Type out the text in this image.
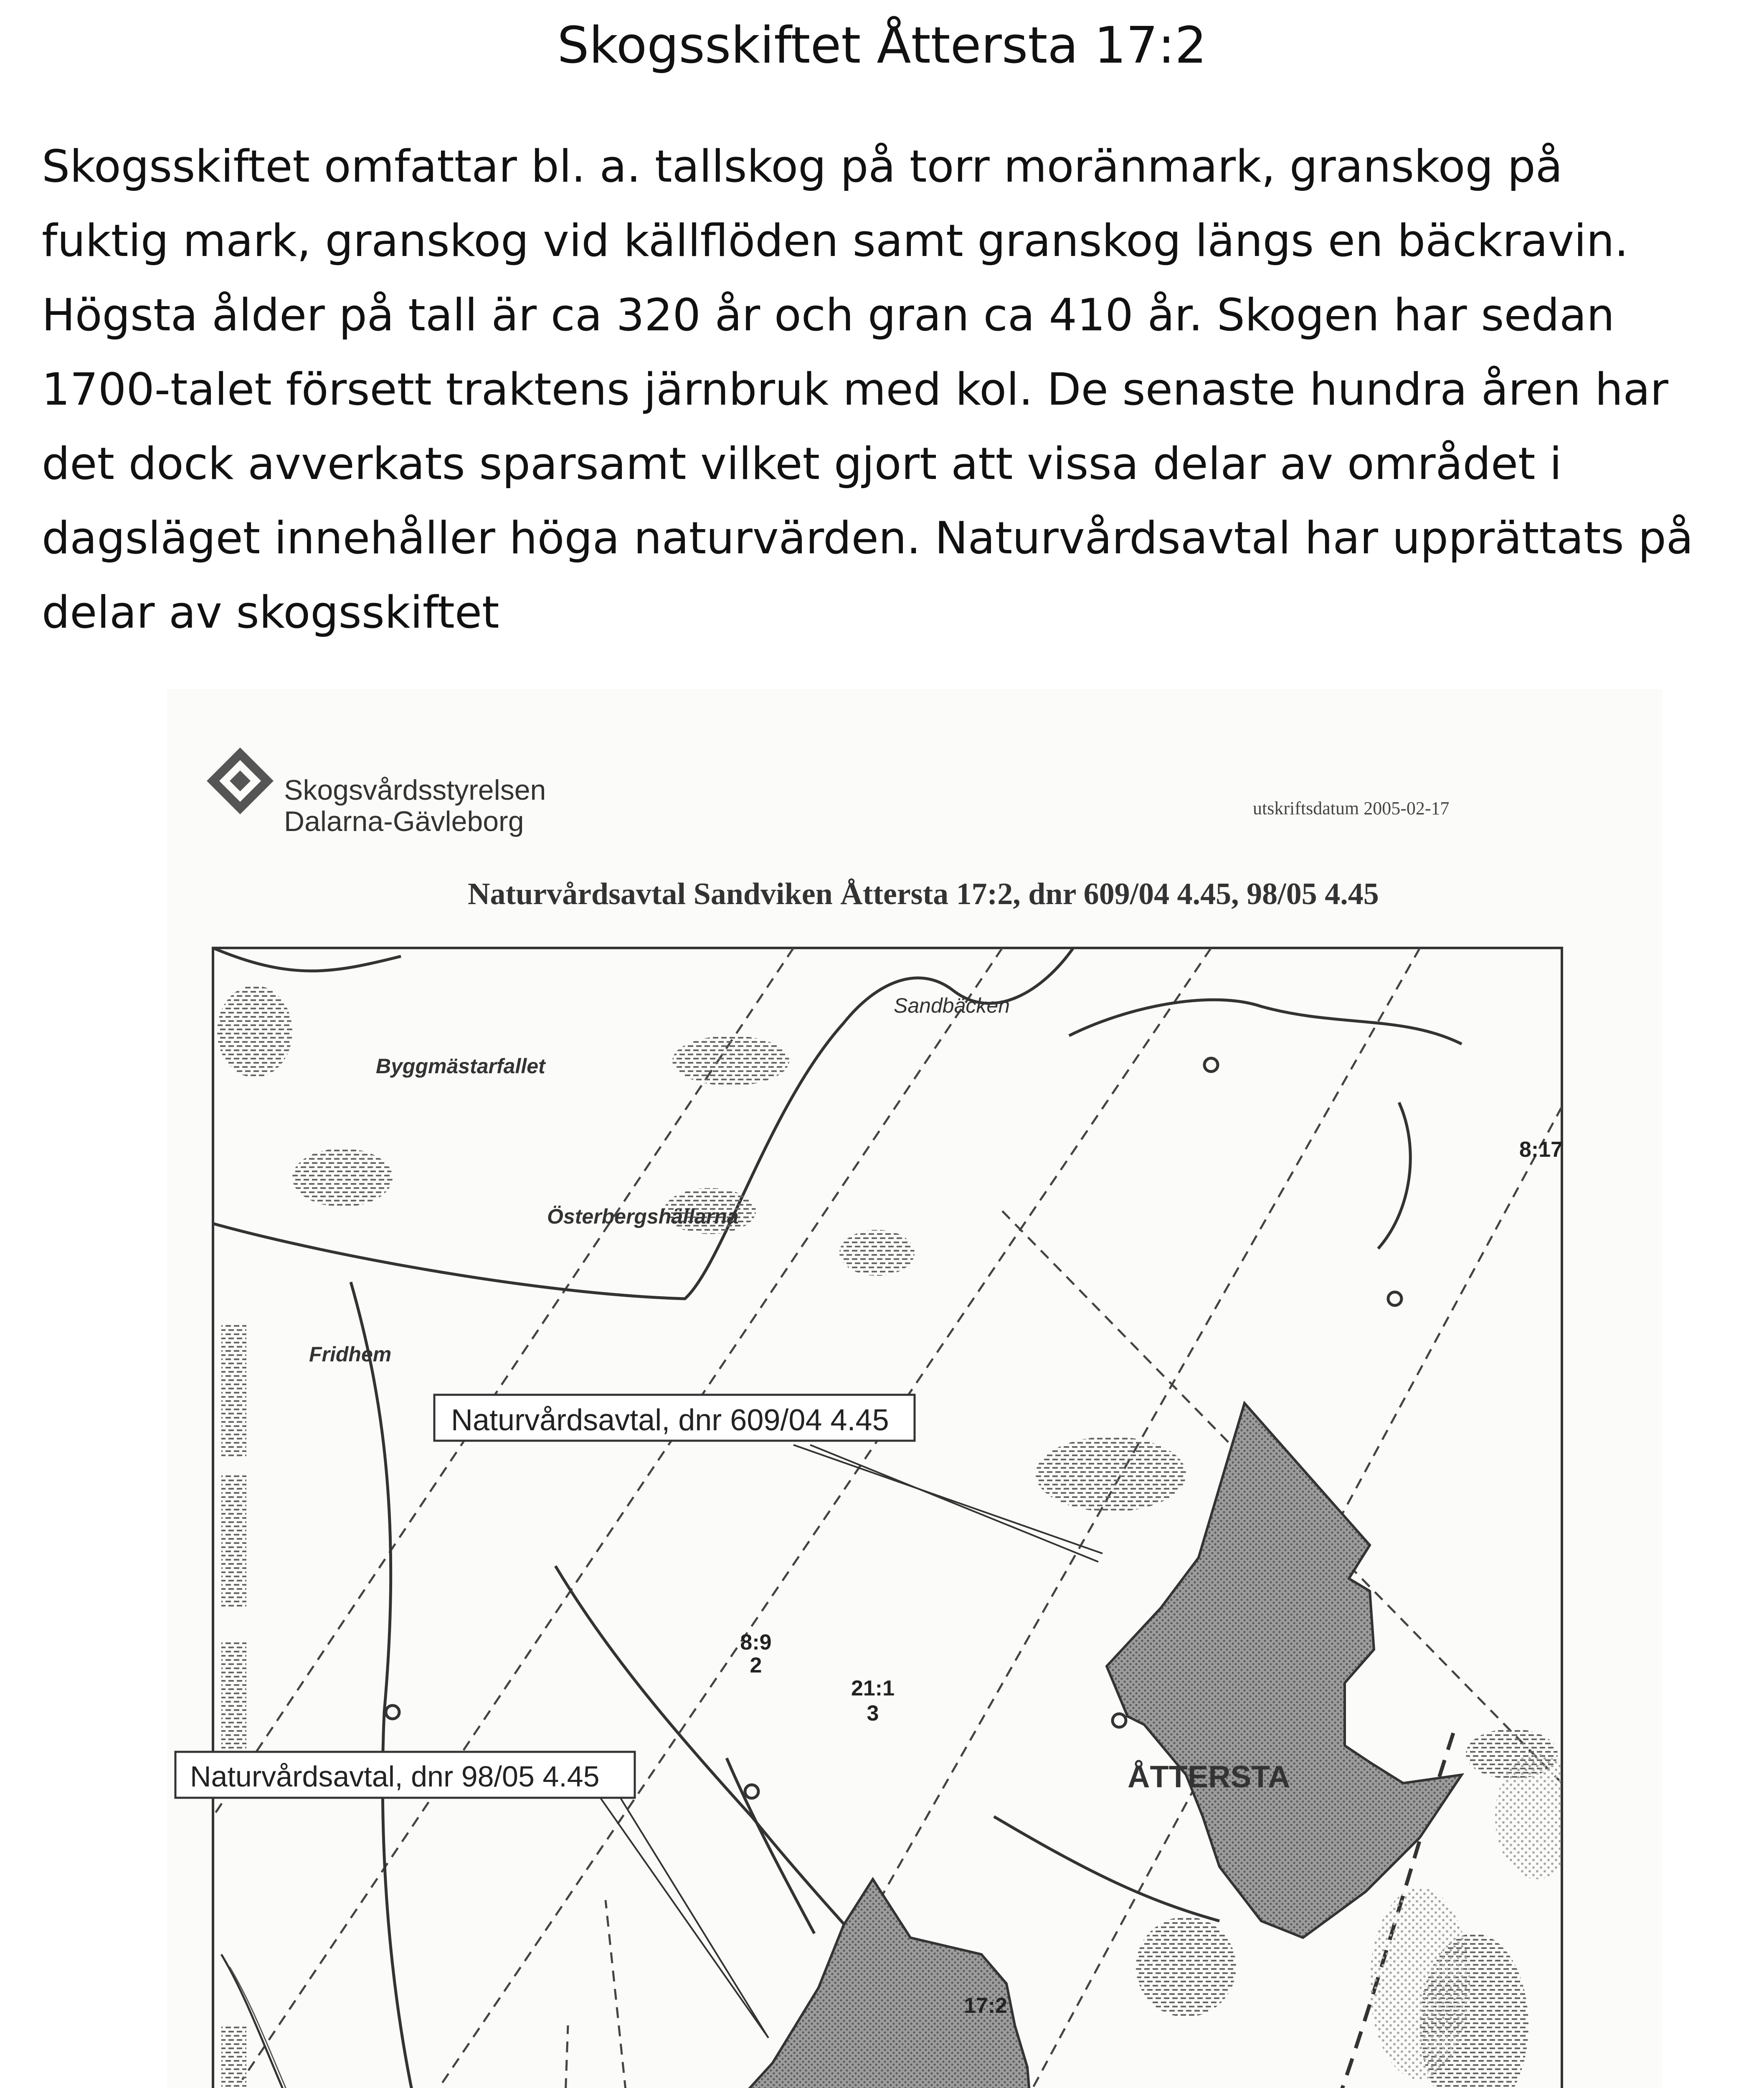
Skogsskiftet Åttersta 17:2

Skogsskiftet omfattar bl. a. tallskog på torr moränmark, granskog på fuktig mark, granskog vid källflöden samt granskog längs en bäckravin. Högsta ålder på tall är ca 320 år och gran ca 410 år. Skogen har sedan 1700-talet försett traktens järnbruk med kol. De senaste hundra åren har det dock avverkats sparsamt vilket gjort att vissa delar av området i dagsläget innehåller höga naturvärden. Naturvårdsavtal har upprättats på delar av skogsskiftet

Skogsvårdsstyrelsen
Dalarna-Gävleborg	utskriftsdatum 2005-02-17
Naturvårdsavtal Sandviken Åttersta 17:2, dnr 609/04 4.45, 98/05 4.45
Naturvårdsavtal, dnr 609/04 4.45
Naturvårdsavtal, dnr 98/05 4.45
Sandbäcken
Byggmästarfallet
Österbergshällarna
Fridhem
ÅTTERSTA
8:17
8:9
2
21:1
3
17:2
